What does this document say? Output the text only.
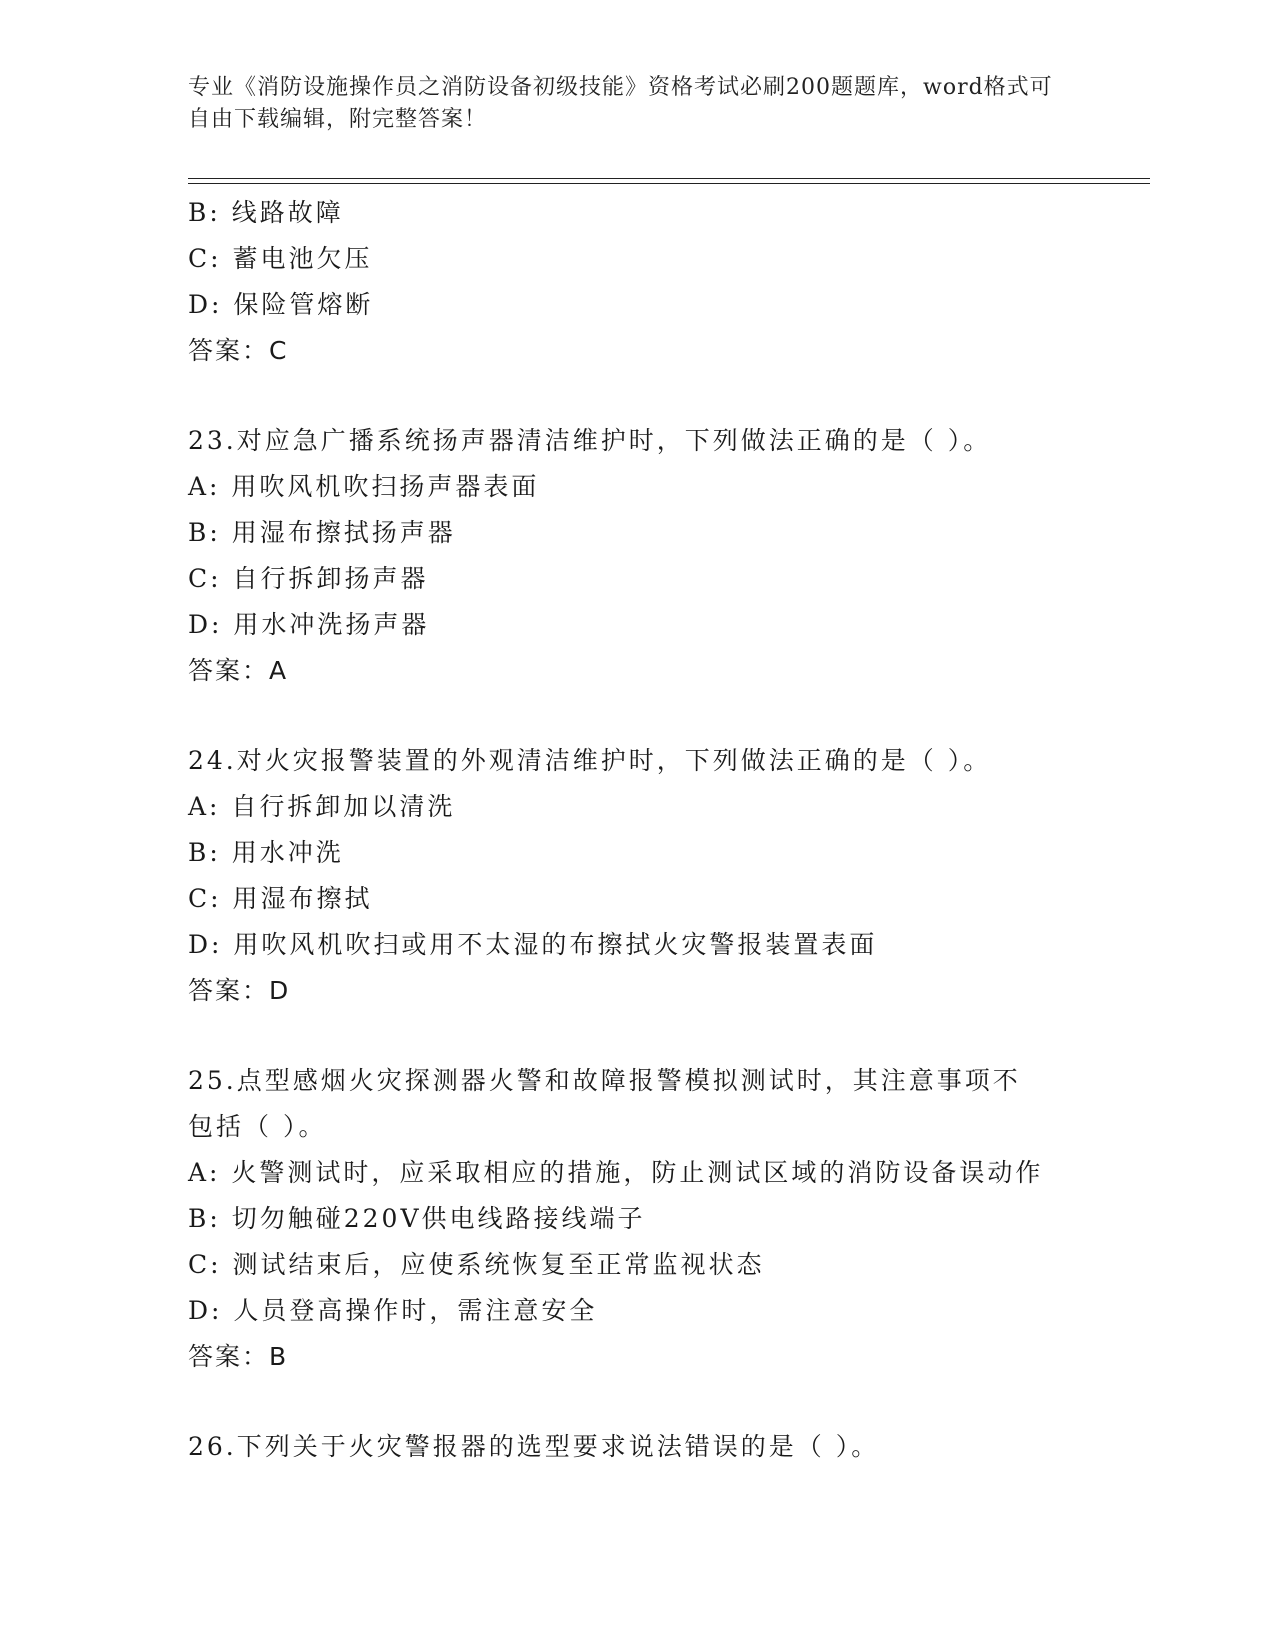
专业《消防设施操作员之消防设备初级技能》资格考试必刷200题题库，word格式可自由下载编辑，附完整答案！
B: 线路故障
C: 蓄电池欠压
D: 保险管熔断
答案：C
23.对应急广播系统扬声器清洁维护时，下列做法正确的是（ ）。
A: 用吹风机吹扫扬声器表面
B: 用湿布擦拭扬声器
C: 自行拆卸扬声器
D: 用水冲洗扬声器
答案：A
24.对火灾报警装置的外观清洁维护时，下列做法正确的是（ ）。
A: 自行拆卸加以清洗
B: 用水冲洗
C: 用湿布擦拭
D: 用吹风机吹扫或用不太湿的布擦拭火灾警报装置表面
答案：D
25.点型感烟火灾探测器火警和故障报警模拟测试时，其注意事项不包括（ ）。
A: 火警测试时，应采取相应的措施，防止测试区域的消防设备误动作
B: 切勿触碰220V供电线路接线端子
C: 测试结束后，应使系统恢复至正常监视状态
D: 人员登高操作时，需注意安全
答案：B
26.下列关于火灾警报器的选型要求说法错误的是（ ）。
